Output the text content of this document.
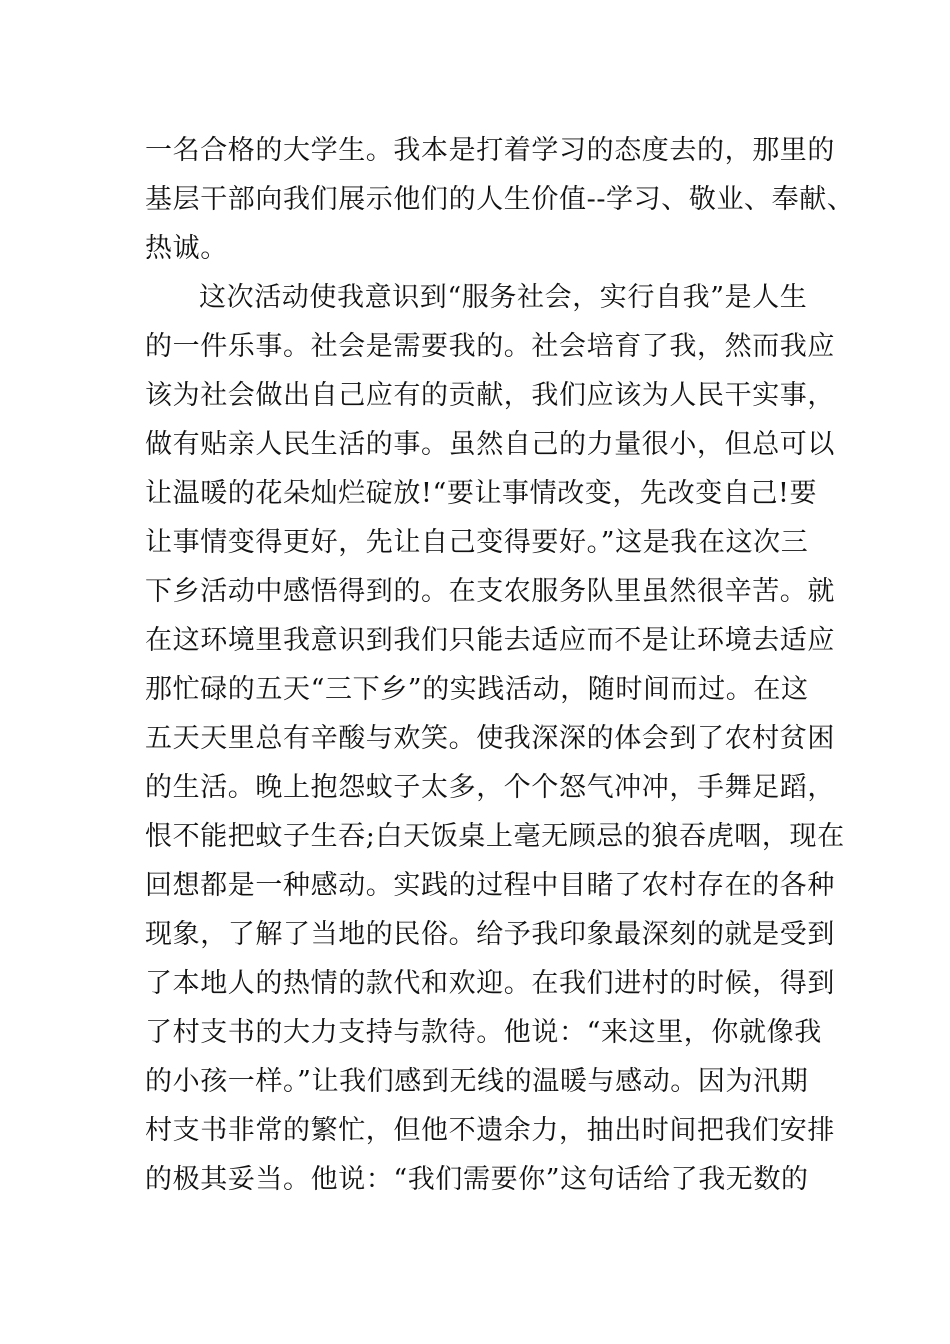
一名合格的大学生。我本是打着学习的态度去的，那里的
基层干部向我们展示他们的人生价值--学习、敬业、奉献、
热诚。
这次活动使我意识到“服务社会，实行自我”是人生
的一件乐事。社会是需要我的。社会培育了我，然而我应
该为社会做出自己应有的贡献，我们应该为人民干实事，
做有贴亲人民生活的事。虽然自己的力量很小，但总可以
让温暖的花朵灿烂碇放!“要让事情改变，先改变自己!要
让事情变得更好，先让自己变得要好。”这是我在这次三
下乡活动中感悟得到的。在支农服务队里虽然很辛苦。就
在这环境里我意识到我们只能去适应而不是让环境去适应
那忙碌的五天“三下乡”的实践活动，随时间而过。在这
五天天里总有辛酸与欢笑。使我深深的体会到了农村贫困
的生活。晚上抱怨蚊子太多，个个怒气冲冲，手舞足蹈，
恨不能把蚊子生吞;白天饭桌上毫无顾忌的狼吞虎咽，现在
回想都是一种感动。实践的过程中目睹了农村存在的各种
现象，了解了当地的民俗。给予我印象最深刻的就是受到
了本地人的热情的款代和欢迎。在我们进村的时候，得到
了村支书的大力支持与款待。他说：“来这里，你就像我
的小孩一样。”让我们感到无线的温暖与感动。因为汛期
村支书非常的繁忙，但他不遗余力，抽出时间把我们安排
的极其妥当。他说：“我们需要你”这句话给了我无数的
